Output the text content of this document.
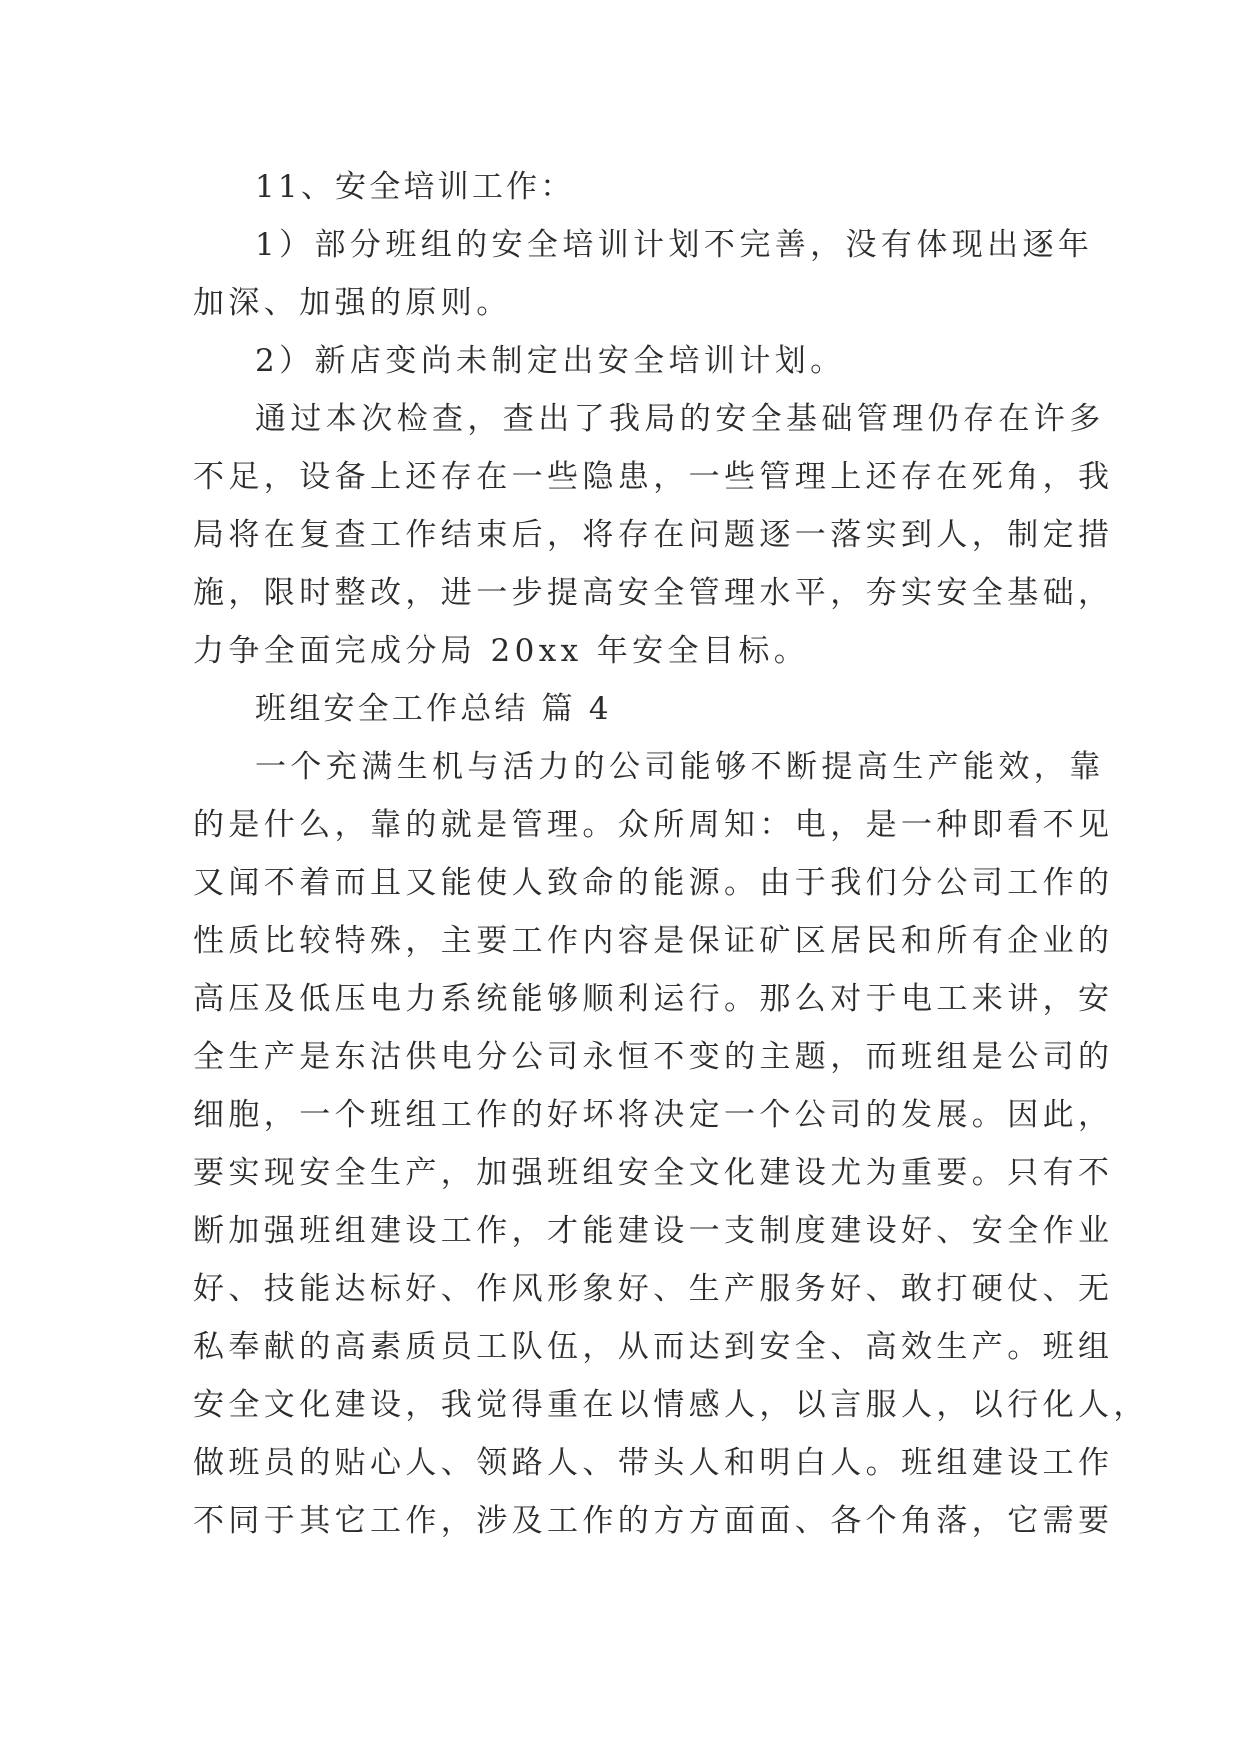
11、安全培训工作：

1）部分班组的安全培训计划不完善，没有体现出逐年
加深、加强的原则。

2）新店变尚未制定出安全培训计划。

通过本次检查，查出了我局的安全基础管理仍存在许多
不足，设备上还存在一些隐患，一些管理上还存在死角，我
局将在复查工作结束后，将存在问题逐一落实到人，制定措
施，限时整改，进一步提高安全管理水平，夯实安全基础，
力争全面完成分局 20xx 年安全目标。

班组安全工作总结 篇 4

一个充满生机与活力的公司能够不断提高生产能效，靠
的是什么，靠的就是管理。众所周知：电，是一种即看不见
又闻不着而且又能使人致命的能源。由于我们分公司工作的
性质比较特殊，主要工作内容是保证矿区居民和所有企业的
高压及低压电力系统能够顺利运行。那么对于电工来讲，安
全生产是东沽供电分公司永恒不变的主题，而班组是公司的
细胞，一个班组工作的好坏将决定一个公司的发展。因此，
要实现安全生产，加强班组安全文化建设尤为重要。只有不
断加强班组建设工作，才能建设一支制度建设好、安全作业
好、技能达标好、作风形象好、生产服务好、敢打硬仗、无
私奉献的高素质员工队伍，从而达到安全、高效生产。班组
安全文化建设，我觉得重在以情感人，以言服人，以行化人，
做班员的贴心人、领路人、带头人和明白人。班组建设工作
不同于其它工作，涉及工作的方方面面、各个角落，它需要
